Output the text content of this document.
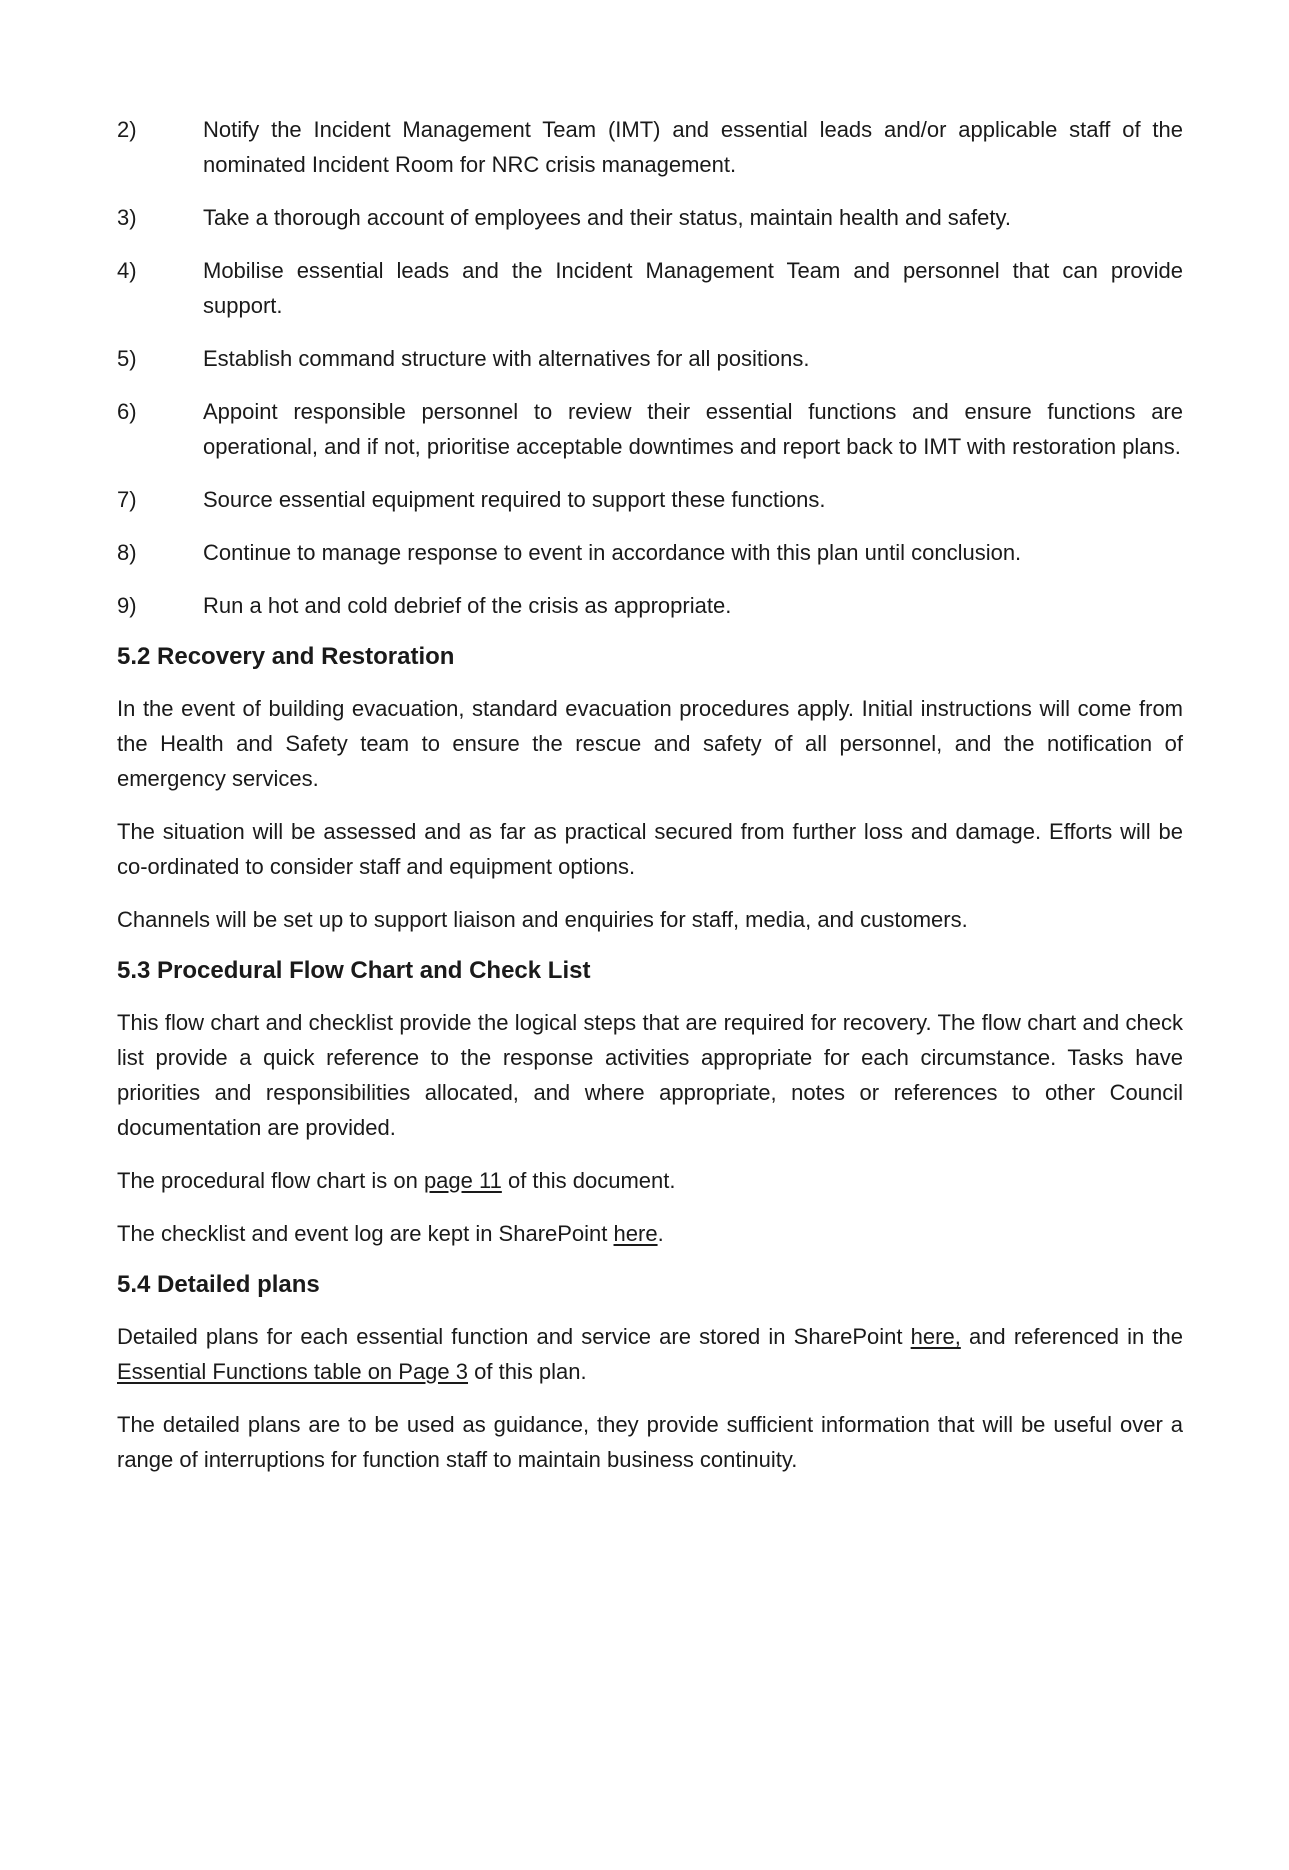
2)	Notify the Incident Management Team (IMT) and essential leads and/or applicable staff of the nominated Incident Room for NRC crisis management.
3)	Take a thorough account of employees and their status, maintain health and safety.
4)	Mobilise essential leads and the Incident Management Team and personnel that can provide support.
5)	Establish command structure with alternatives for all positions.
6)	Appoint responsible personnel to review their essential functions and ensure functions are operational, and if not, prioritise acceptable downtimes and report back to IMT with restoration plans.
7)	Source essential equipment required to support these functions.
8)	Continue to manage response to event in accordance with this plan until conclusion.
9)	Run a hot and cold debrief of the crisis as appropriate.
5.2 Recovery and Restoration

In the event of building evacuation, standard evacuation procedures apply. Initial instructions will come from the Health and Safety team to ensure the rescue and safety of all personnel, and the notification of emergency services.

The situation will be assessed and as far as practical secured from further loss and damage. Efforts will be co-ordinated to consider staff and equipment options.

Channels will be set up to support liaison and enquiries for staff, media, and customers.

5.3 Procedural Flow Chart and Check List

This flow chart and checklist provide the logical steps that are required for recovery. The flow chart and check list provide a quick reference to the response activities appropriate for each circumstance. Tasks have priorities and responsibilities allocated, and where appropriate, notes or references to other Council documentation are provided.

The procedural flow chart is on page 11 of this document.

The checklist and event log are kept in SharePoint here.

5.4 Detailed plans

Detailed plans for each essential function and service are stored in SharePoint here, and referenced in the Essential Functions table on Page 3 of this plan.

The detailed plans are to be used as guidance, they provide sufficient information that will be useful over a range of interruptions for function staff to maintain business continuity.
